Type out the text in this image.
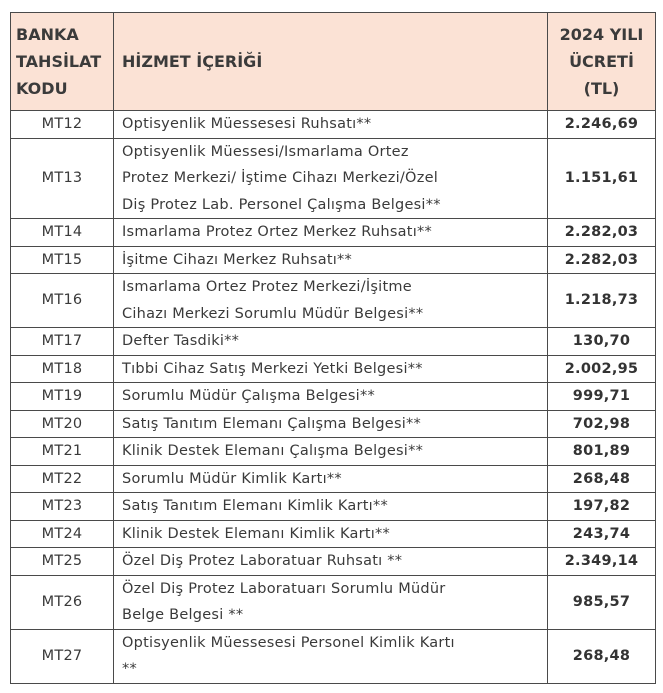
BANKA
TAHSİLAT
KODU	HİZMET İÇERİĞİ	2024 YILI
ÜCRETİ
(TL)
MT12	Optisyenlik Müessesesi Ruhsatı**	2.246,69
MT13	Optisyenlik Müessesi/Ismarlama Ortez
Protez Merkezi/ İştime Cihazı Merkezi/Özel
Diş Protez Lab. Personel Çalışma Belgesi**	1.151,61
MT14	Ismarlama Protez Ortez Merkez Ruhsatı**	2.282,03
MT15	İşitme Cihazı Merkez Ruhsatı**	2.282,03
MT16	Ismarlama Ortez Protez Merkezi/İşitme
Cihazı Merkezi Sorumlu Müdür Belgesi**	1.218,73
MT17	Defter Tasdiki**	130,70
MT18	Tıbbi Cihaz Satış Merkezi Yetki Belgesi**	2.002,95
MT19	Sorumlu Müdür Çalışma Belgesi**	999,71
MT20	Satış Tanıtım Elemanı Çalışma Belgesi**	702,98
MT21	Klinik Destek Elemanı Çalışma Belgesi**	801,89
MT22	Sorumlu Müdür Kimlik Kartı**	268,48
MT23	Satış Tanıtım Elemanı Kimlik Kartı**	197,82
MT24	Klinik Destek Elemanı Kimlik Kartı**	243,74
MT25	Özel Diş Protez Laboratuar Ruhsatı **	2.349,14
MT26	Özel Diş Protez Laboratuarı Sorumlu Müdür
Belge Belgesi **	985,57
MT27	Optisyenlik Müessesesi Personel Kimlik Kartı
**	268,48
